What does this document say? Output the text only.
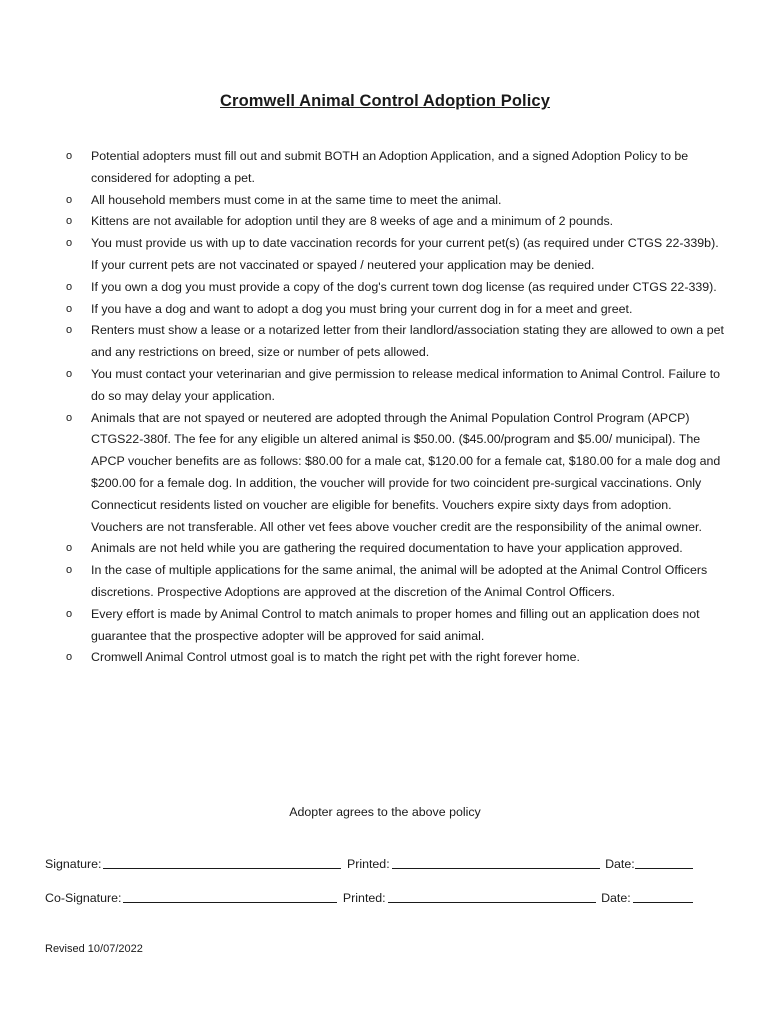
Cromwell Animal Control Adoption Policy
o Potential adopters must fill out and submit BOTH an Adoption Application, and a signed Adoption Policy to be considered for adopting a pet.
o All household members must come in at the same time to meet the animal.
o Kittens are not available for adoption until they are 8 weeks of age and a minimum of 2 pounds.
o You must provide us with up to date vaccination records for your current pet(s) (as required under CTGS 22-339b). If your current pets are not vaccinated or spayed / neutered your application may be denied.
o If you own a dog you must provide a copy of the dog's current town dog license (as required under CTGS 22-339).
o If you have a dog and want to adopt a dog you must bring your current dog in for a meet and greet.
o Renters must show a lease or a notarized letter from their landlord/association stating they are allowed to own a pet and any restrictions on breed, size or number of pets allowed.
o You must contact your veterinarian and give permission to release medical information to Animal Control. Failure to do so may delay your application.
o Animals that are not spayed or neutered are adopted through the Animal Population Control Program (APCP) CTGS22-380f. The fee for any eligible un altered animal is $50.00. ($45.00/program and $5.00/ municipal). The APCP voucher benefits are as follows: $80.00 for a male cat, $120.00 for a female cat, $180.00 for a male dog and $200.00 for a female dog. In addition, the voucher will provide for two coincident pre-surgical vaccinations. Only Connecticut residents listed on voucher are eligible for benefits. Vouchers expire sixty days from adoption. Vouchers are not transferable. All other vet fees above voucher credit are the responsibility of the animal owner.
o Animals are not held while you are gathering the required documentation to have your application approved.
o In the case of multiple applications for the same animal, the animal will be adopted at the Animal Control Officers discretions. Prospective Adoptions are approved at the discretion of the Animal Control Officers.
o Every effort is made by Animal Control to match animals to proper homes and filling out an application does not guarantee that the prospective adopter will be approved for said animal.
o Cromwell Animal Control utmost goal is to match the right pet with the right forever home.
Adopter agrees to the above policy
Signature:	Printed:	Date:
Co-Signature:	Printed:	Date:
Revised 10/07/2022
